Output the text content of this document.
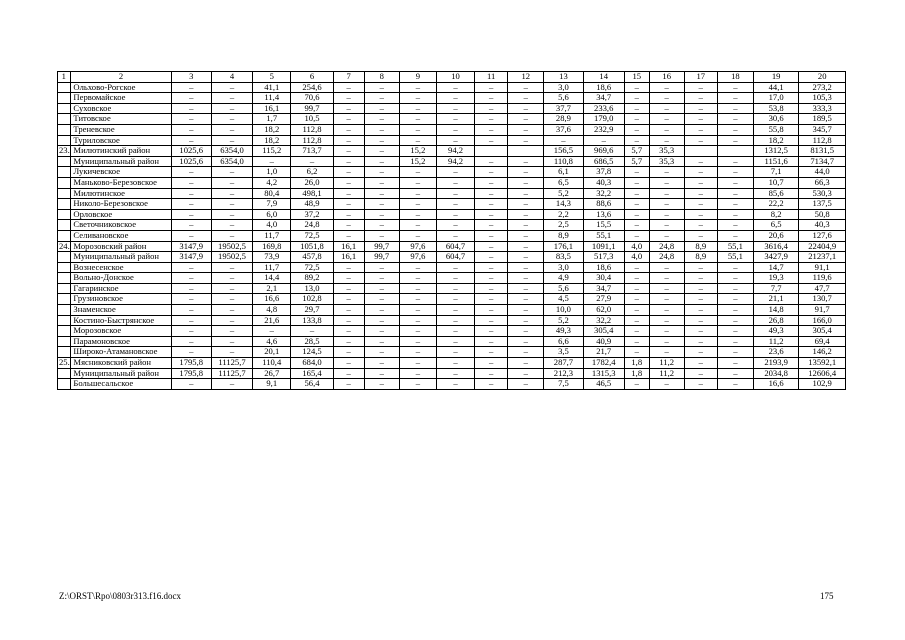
1	2	3	4	5	6	7	8	9	10	11	12	13	14	15	16	17	18	19	20
	Ольхово-Рогское	–	–	41,1	254,6	–	–	–	–	–	–	3,0	18,6	–	–	–	–	44,1	273,2
	Первомайское	–	–	11,4	70,6	–	–	–	–	–	–	5,6	34,7	–	–	–	–	17,0	105,3
	Суховское	–	–	16,1	99,7	–	–	–	–	–	–	37,7	233,6	–	–	–	–	53,8	333,3
	Титовское	–	–	1,7	10,5	–	–	–	–	–	–	28,9	179,0	–	–	–	–	30,6	189,5
	Треневское	–	–	18,2	112,8	–	–	–	–	–	–	37,6	232,9	–	–	–	–	55,8	345,7
	Туриловское	–	–	18,2	112,8	–	–	–	–	–	–	–	–	–	–	–	–	18,2	112,8
23.	Милютинский район	1025,6	6354,0	115,2	713,7	–	–	15,2	94,2			156,5	969,6	5,7	35,3			1312,5	8131,5
	Муниципальный район	1025,6	6354,0	–	–	–	–	15,2	94,2	–	–	110,8	686,5	5,7	35,3	–	–	1151,6	7134,7
	Лукичевское	–	–	1,0	6,2	–	–	–	–	–	–	6,1	37,8	–	–	–	–	7,1	44,0
	Маньково-Березовское	–	–	4,2	26,0	–	–	–	–	–	–	6,5	40,3	–	–	–	–	10,7	66,3
	Милютинское	–	–	80,4	498,1	–	–	–	–	–	–	5,2	32,2	–	–	–	–	85,6	530,3
	Николо-Березовское	–	–	7,9	48,9	–	–	–	–	–	–	14,3	88,6	–	–	–	–	22,2	137,5
	Орловское	–	–	6,0	37,2	–	–	–	–	–	–	2,2	13,6	–	–	–	–	8,2	50,8
	Светочниковское	–	–	4,0	24,8	–	–	–	–	–	–	2,5	15,5	–	–	–	–	6,5	40,3
	Селивановское	–	–	11,7	72,5	–	–	–	–	–	–	8,9	55,1	–	–	–	–	20,6	127,6
24.	Морозовский район	3147,9	19502,5	169,8	1051,8	16,1	99,7	97,6	604,7	–	–	176,1	1091,1	4,0	24,8	8,9	55,1	3616,4	22404,9
	Муниципальный район	3147,9	19502,5	73,9	457,8	16,1	99,7	97,6	604,7	–	–	83,5	517,3	4,0	24,8	8,9	55,1	3427,9	21237,1
	Вознесенское	–	–	11,7	72,5	–	–	–	–	–	–	3,0	18,6	–	–	–	–	14,7	91,1
	Вольно-Донское	–	–	14,4	89,2	–	–	–	–	–	–	4,9	30,4	–	–	–	–	19,3	119,6
	Гагаринское	–	–	2,1	13,0	–	–	–	–	–	–	5,6	34,7	–	–	–	–	7,7	47,7
	Грузиновское	–	–	16,6	102,8	–	–	–	–	–	–	4,5	27,9	–	–	–	–	21,1	130,7
	Знаменское	–	–	4,8	29,7	–	–	–	–	–	–	10,0	62,0	–	–	–	–	14,8	91,7
	Костино-Быстрянское	–	–	21,6	133,8	–	–	–	–	–	–	5,2	32,2	–	–	–	–	26,8	166,0
	Морозовское	–	–	–	–	–	–	–	–	–	–	49,3	305,4	–	–	–	–	49,3	305,4
	Парамоновское	–	–	4,6	28,5	–	–	–	–	–	–	6,6	40,9	–	–	–	–	11,2	69,4
	Широко-Атамановское	–	–	20,1	124,5	–	–	–	–	–	–	3,5	21,7	–	–	–	–	23,6	146,2
25.	Мясниковский район	1795,8	11125,7	110,4	684,0	–	–	–	–	–	–	287,7	1782,4	1,8	11,2	–	–	2193,9	13592,1
	Муниципальный район	1795,8	11125,7	26,7	165,4	–	–	–	–	–	–	212,3	1315,3	1,8	11,2	–	–	2034,8	12606,4
	Большесальское	–	–	9,1	56,4	–	–	–	–	–	–	7,5	46,5	–	–	–	–	16,6	102,9
Z:\ORST\Rpo\0803r313.f16.docx	175
